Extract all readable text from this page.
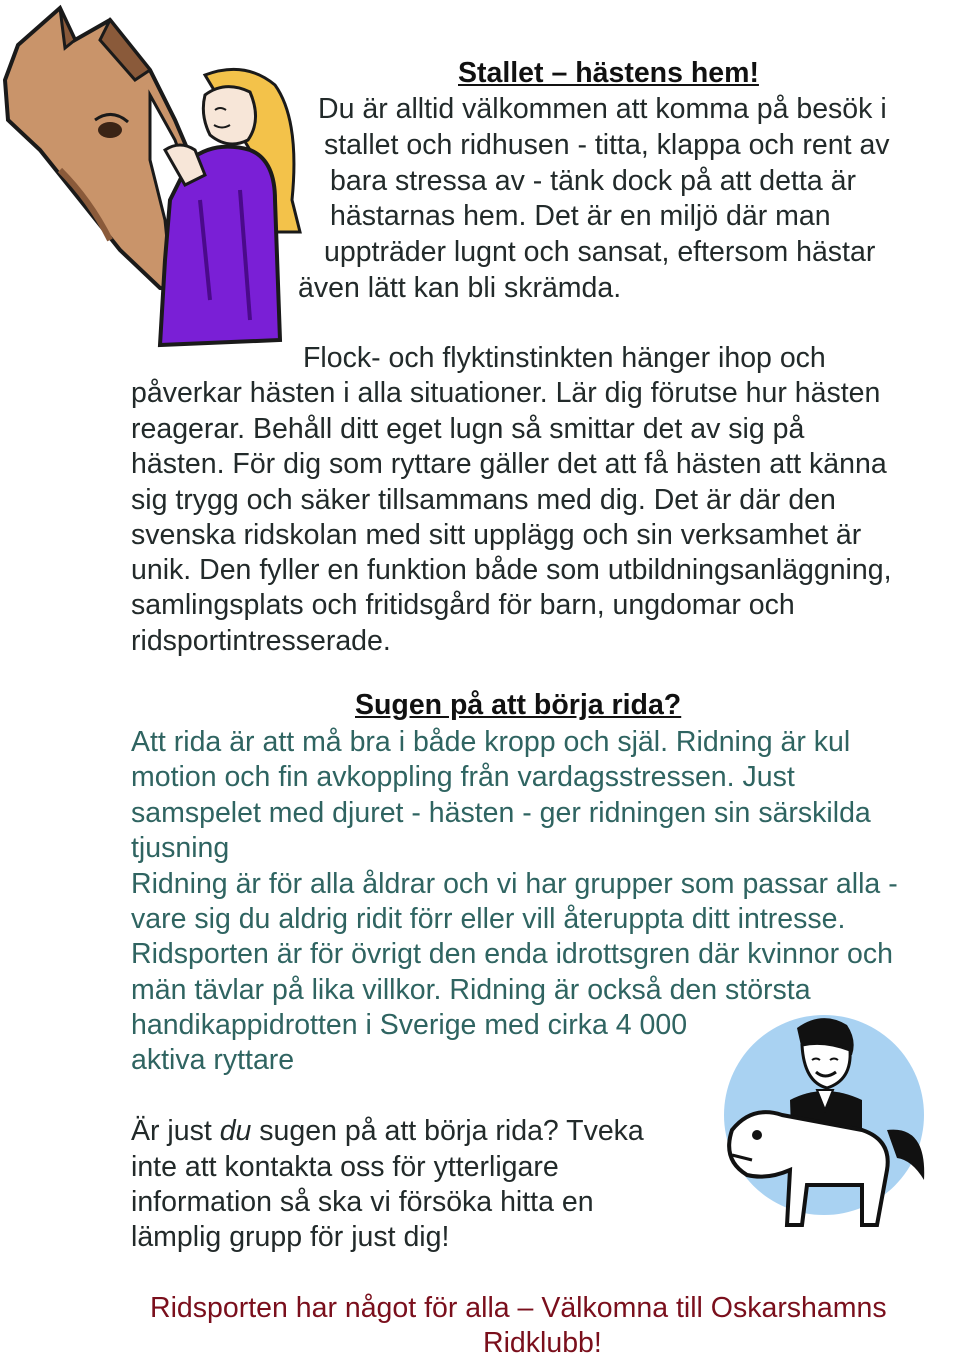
Stallet – hästens hem!
Du är alltid välkommen att komma på besök i
stallet och ridhusen - titta, klappa och rent av
bara stressa av - tänk dock på att detta är
hästarnas hem. Det är en miljö där man
uppträder lugnt och sansat, eftersom hästar
även lätt kan bli skrämda.
Flock- och flyktinstinkten hänger ihop och
påverkar hästen i alla situationer. Lär dig förutse hur hästen
reagerar. Behåll ditt eget lugn så smittar det av sig på
hästen. För dig som ryttare gäller det att få hästen att känna
sig trygg och säker tillsammans med dig. Det är där den
svenska ridskolan med sitt upplägg och sin verksamhet är
unik. Den fyller en funktion både som utbildningsanläggning,
samlingsplats och fritidsgård för barn, ungdomar och
ridsportintresserade.
Sugen på att börja rida?
Att rida är att må bra i både kropp och själ. Ridning är kul
motion och fin avkoppling från vardagsstressen. Just
samspelet med djuret - hästen - ger ridningen sin särskilda
tjusning
Ridning är för alla åldrar och vi har grupper som passar alla -
vare sig du aldrig ridit förr eller vill återuppta ditt intresse.
Ridsporten är för övrigt den enda idrottsgren där kvinnor och
män tävlar på lika villkor. Ridning är också den största
handikappidrotten i Sverige med cirka 4 000
aktiva ryttare
Är just du sugen på att börja rida? Tveka
inte att kontakta oss för ytterligare
information så ska vi försöka hitta en
lämplig grupp för just dig!
Ridsporten har något för alla – Välkomna till Oskarshamns
Ridklubb!
